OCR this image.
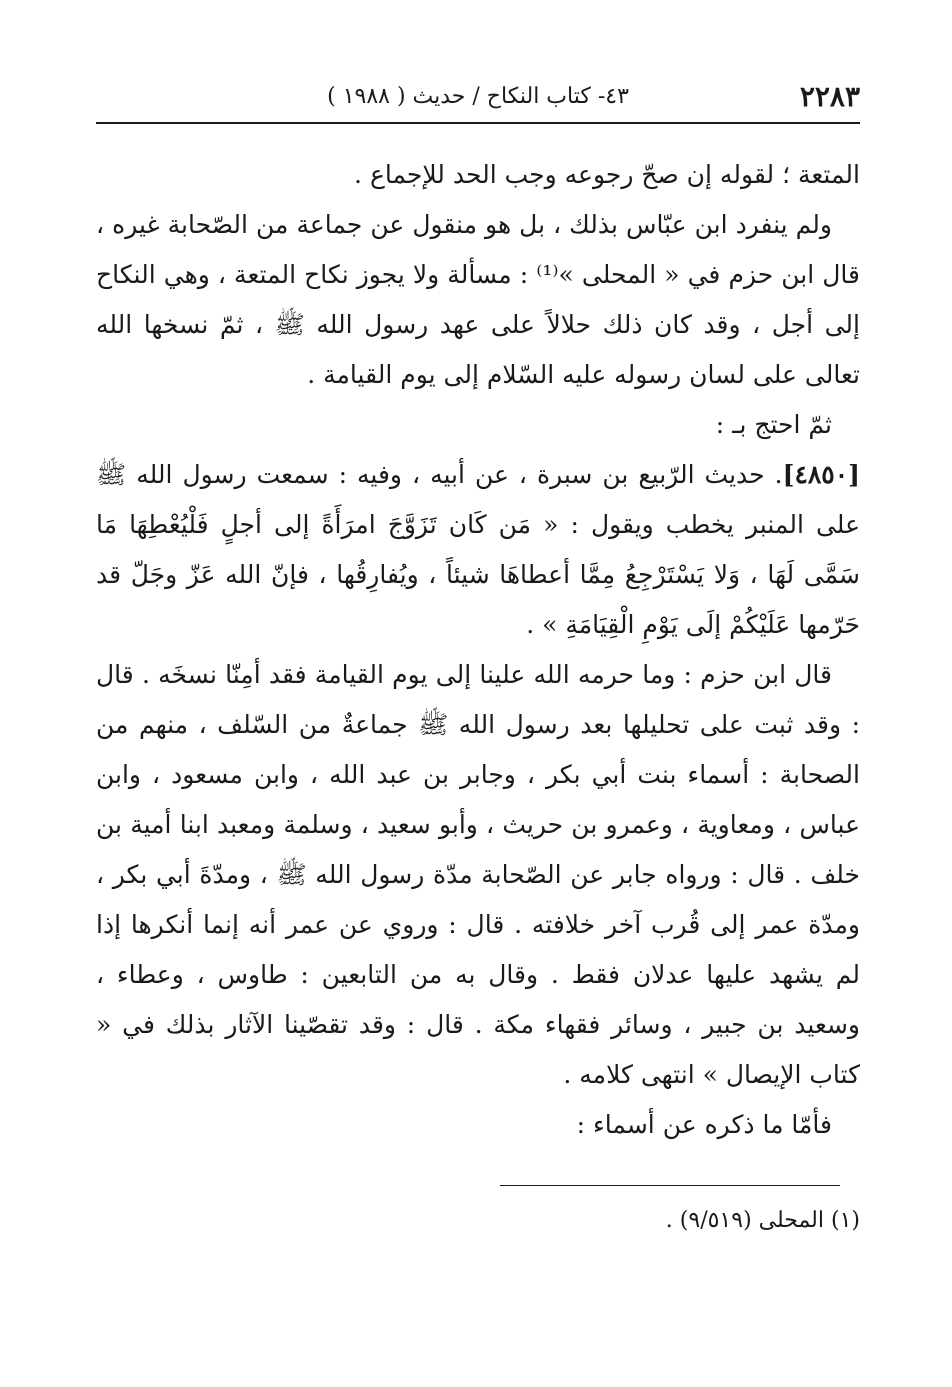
٢٢٨٣
٤٣- كتاب النكاح / حديث ( ١٩٨٨ )

المتعة ؛ لقوله إن صحّ رجوعه وجب الحد للإجماع .

ولم ينفرد ابن عبّاس بذلك ، بل هو منقول عن جماعة من الصّحابة غيره ، قال ابن حزم في « المحلى »⁽¹⁾ : مسألة ولا يجوز نكاح المتعة ، وهي النكاح إلى أجل ، وقد كان ذلك حلالاً على عهد رسول الله ﷺ ، ثمّ نسخها الله تعالى على لسان رسوله عليه السّلام إلى يوم القيامة .

ثمّ احتج بـ :

[٤٨٥٠]. حديث الرّبيع بن سبرة ، عن أبيه ، وفيه : سمعت رسول الله ﷺ على المنبر يخطب ويقول : « مَن كَان تَزَوَّجَ امرَأَةً إلى أجلٍ فَلْيُعْطِهَا مَا سَمَّى لَهَا ، وَلا يَسْتَرْجِعُ مِمَّا أعطاهَا شيئاً ، ويُفارِقُها ، فإنّ الله عَزّ وجَلّ قد حَرّمها عَلَيْكُمْ إلَى يَوْمِ الْقِيَامَةِ » .

قال ابن حزم : وما حرمه الله علينا إلى يوم القيامة فقد أمِنّا نسخَه . قال : وقد ثبت على تحليلها بعد رسول الله ﷺ جماعةٌ من السّلف ، منهم من الصحابة : أسماء بنت أبي بكر ، وجابر بن عبد الله ، وابن مسعود ، وابن عباس ، ومعاوية ، وعمرو بن حريث ، وأبو سعيد ، وسلمة ومعبد ابنا أمية بن خلف . قال : ورواه جابر عن الصّحابة مدّة رسول الله ﷺ ، ومدّةَ أبي بكر ، ومدّة عمر إلى قُرب آخر خلافته . قال : وروي عن عمر أنه إنما أنكرها إذا لم يشهد عليها عدلان فقط . وقال به من التابعين : طاوس ، وعطاء ، وسعيد بن جبير ، وسائر فقهاء مكة . قال : وقد تقصّينا الآثار بذلك في « كتاب الإيصال » انتهى كلامه .

فأمّا ما ذكره عن أسماء :

(١) المحلى (٩/٥١٩) .
